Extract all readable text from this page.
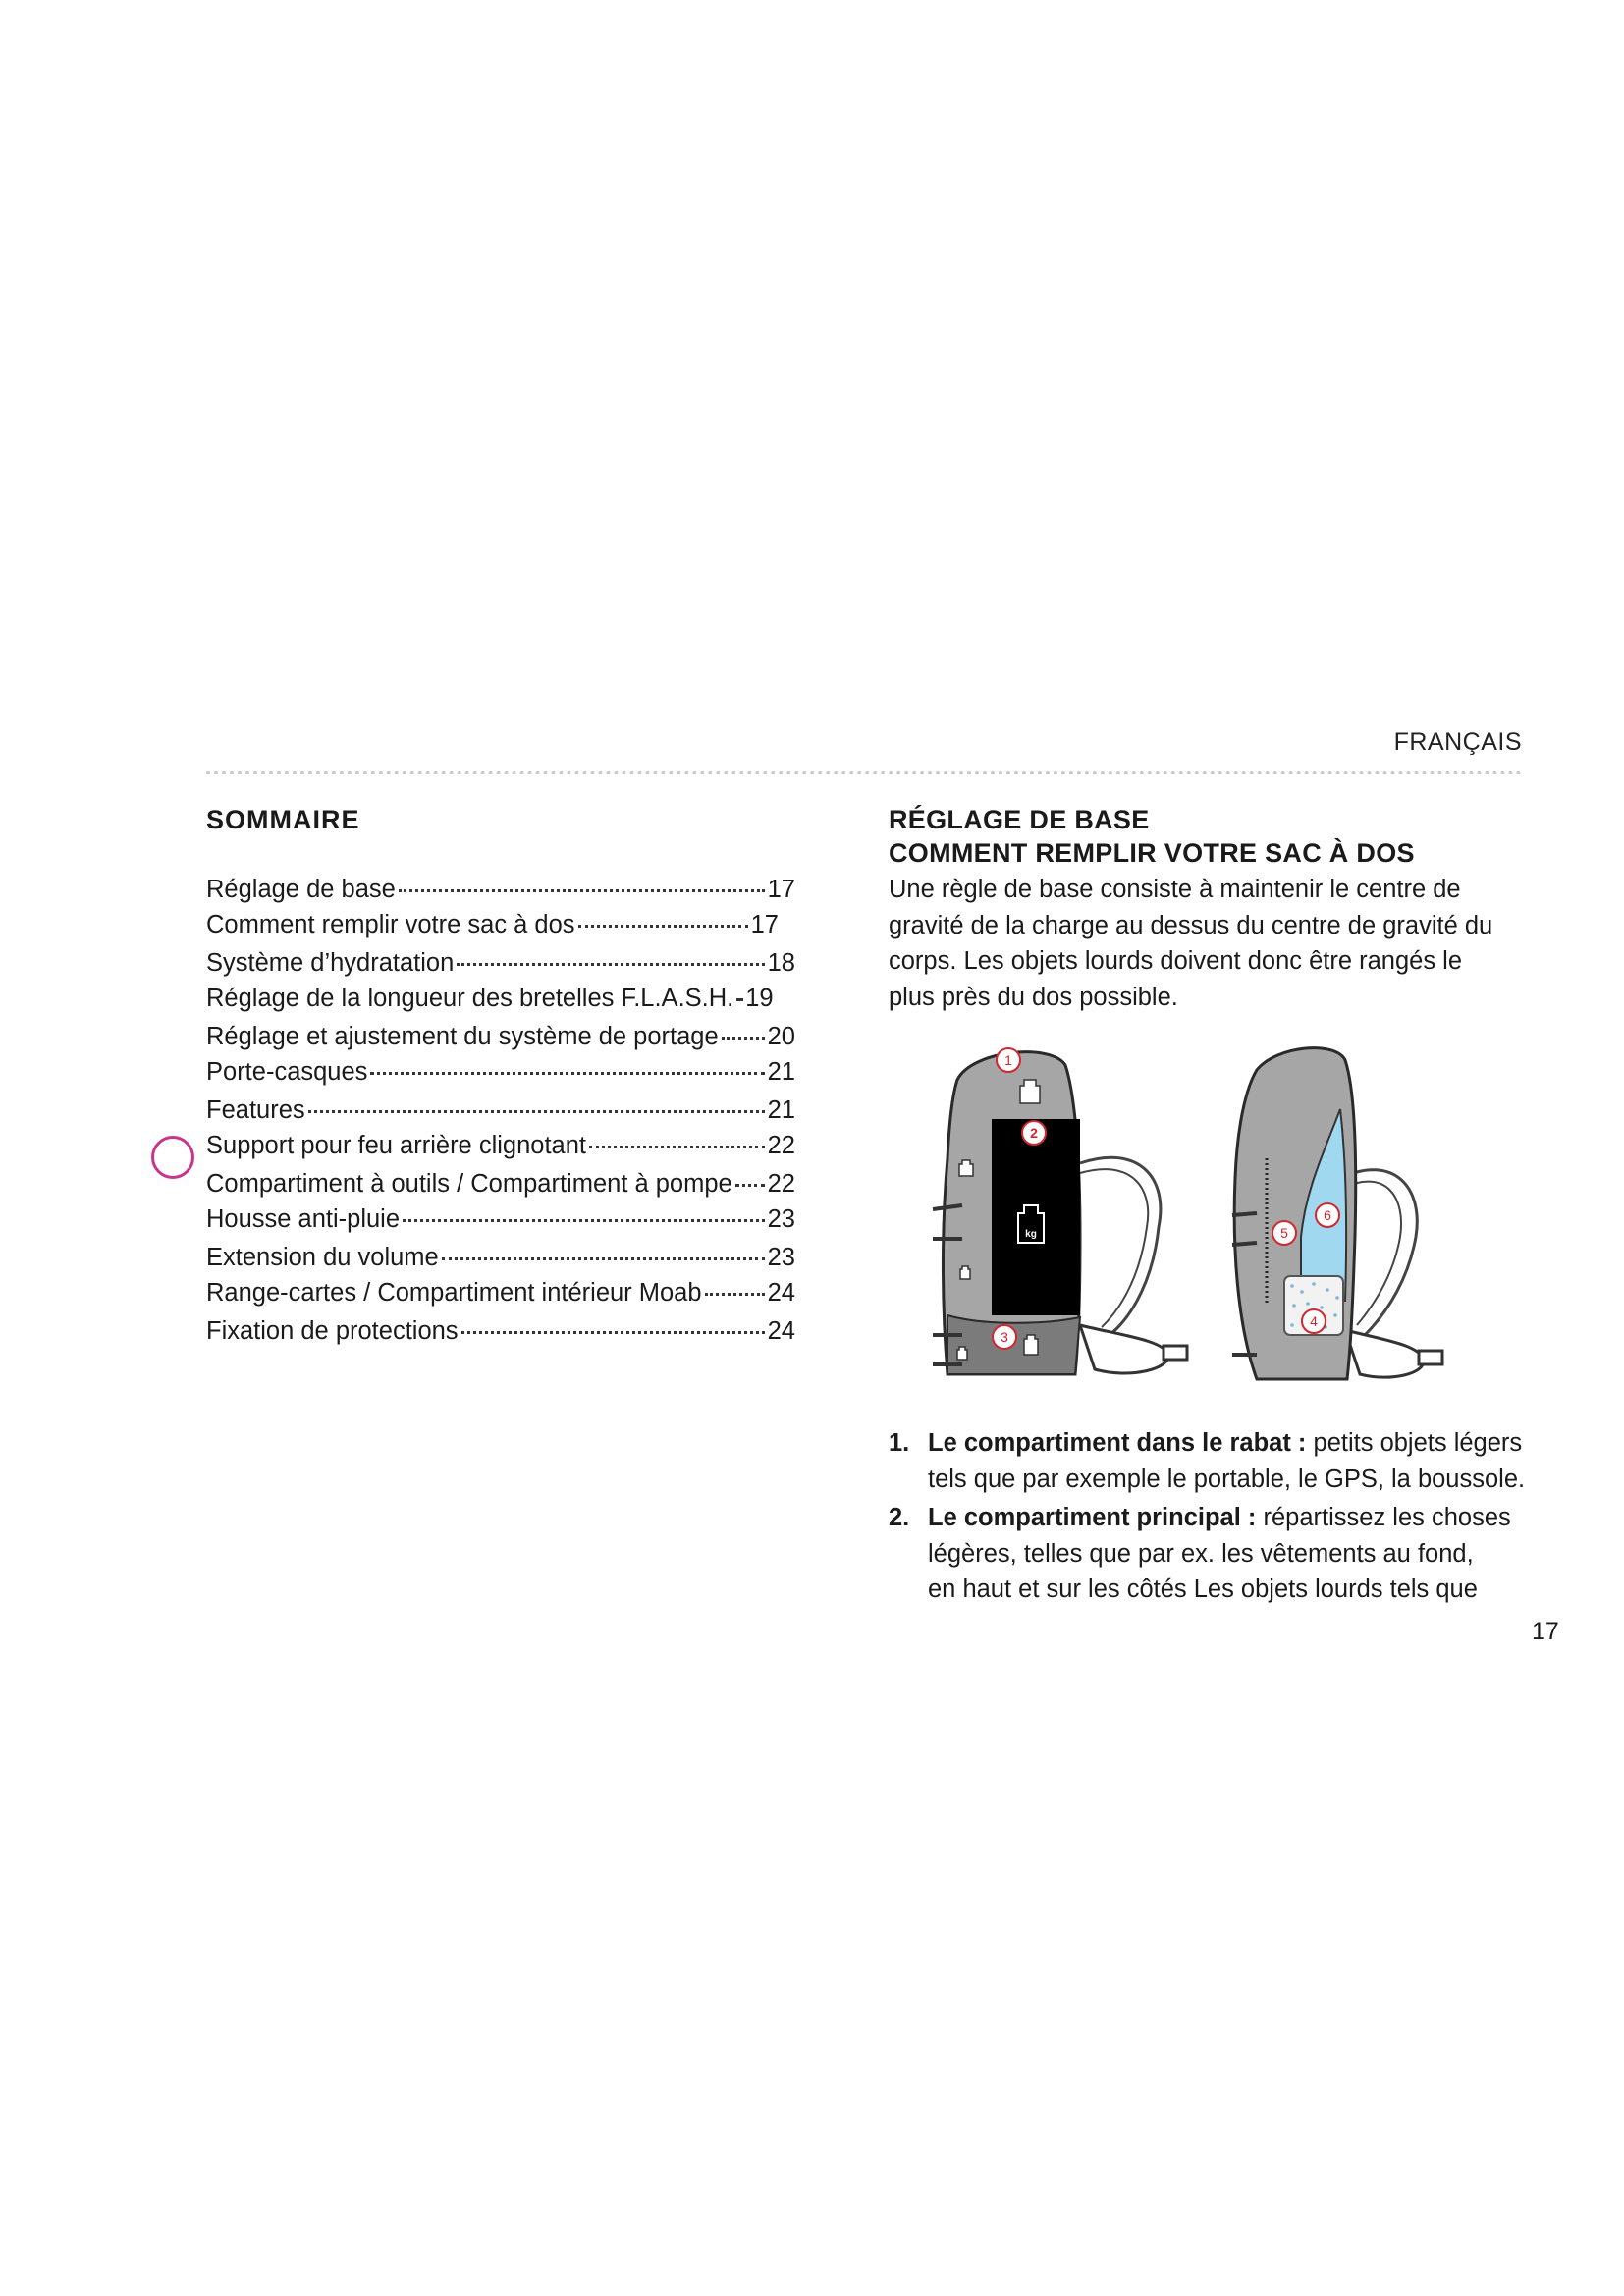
FRANÇAIS
SOMMAIRE
Réglage de base	17
Comment remplir votre sac à dos	17
Système d’hydratation	18
Réglage de la longueur des bretelles F.L.A.S.H. 19
Réglage et ajustement du système de portage 20
Porte-casques	21
Features	21
Support pour feu arrière clignotant	22
Compartiment à outils / Compartiment à pompe 22
Housse anti-pluie	23
Extension du volume	23
Range-cartes / Compartiment intérieur Moab	24
Fixation de protections	24
RÉGLAGE DE BASE
COMMENT REMPLIR VOTRE SAC À DOS

Une règle de base consiste à maintenir le centre de
gravité de la charge au dessus du centre de gravité du
corps. Les objets lourds doivent donc être rangés le
plus près du dos possible.

kg
1
2
3
5
6
4
1. Le compartiment dans le rabat : petits objets légers
tels que par exemple le portable, le GPS, la boussole.
2. Le compartiment principal : répartissez les choses
légères, telles que par ex. les vêtements au fond,
en haut et sur les côtés Les objets lourds tels que
17
